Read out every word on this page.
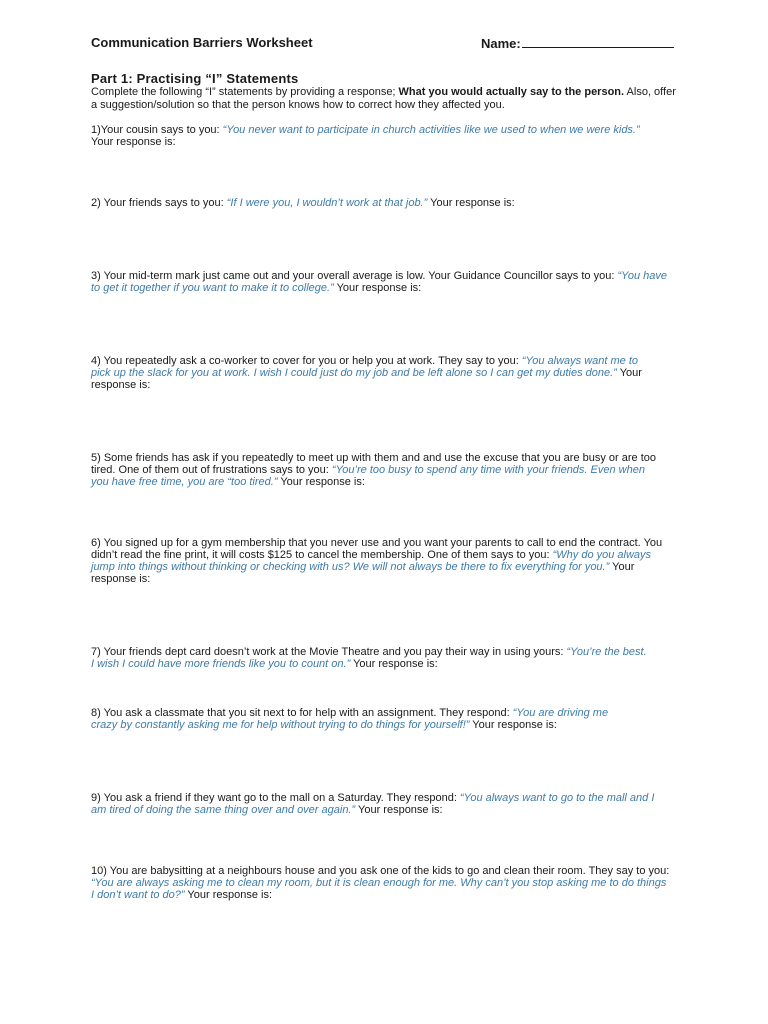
Communication Barriers Worksheet	Name:
Part 1: Practising “I” Statements
Complete the following “I” statements by providing a response; What you would actually say to the person. Also, offer a suggestion/solution so that the person knows how to correct how they affected you.
1)Your cousin says to you: “You never want to participate in church activities like we used to when we were kids.” Your response is:
2) Your friends says to you: “If I were you, I wouldn’t work at that job.” Your response is:
3) Your mid-term mark just came out and your overall average is low. Your Guidance Councillor says to you: “You have to get it together if you want to make it to college.” Your response is:
4) You repeatedly ask a co-worker to cover for you or help you at work. They say to you: “You always want me to pick up the slack for you at work. I wish I could just do my job and be left alone so I can get my duties done.” Your response is:
5) Some friends has ask if you repeatedly to meet up with them and and use the excuse that you are busy or are too tired. One of them out of frustrations says to you: “You’re too busy to spend any time with your friends. Even when you have free time, you are “too tired.” Your response is:
6) You signed up for a gym membership that you never use and you want your parents to call to end the contract. You didn’t read the fine print, it will costs $125 to cancel the membership. One of them says to you: “Why do you always jump into things without thinking or checking with us? We will not always be there to fix everything for you.” Your response is:
7) Your friends dept card doesn’t work at the Movie Theatre and you pay their way in using yours: “You’re the best. I wish I could have more friends like you to count on.” Your response is:
8) You ask a classmate that you sit next to for help with an assignment. They respond: “You are driving me crazy by constantly asking me for help without trying to do things for yourself!” Your response is:
9) You ask a friend if they want go to the mall on a Saturday. They respond: “You always want to go to the mall and I am tired of doing the same thing over and over again.” Your response is:
10) You are babysitting at a neighbours house and you ask one of the kids to go and clean their room. They say to you: “You are always asking me to clean my room, but it is clean enough for me. Why can’t you stop asking me to do things I don’t want to do?” Your response is:
